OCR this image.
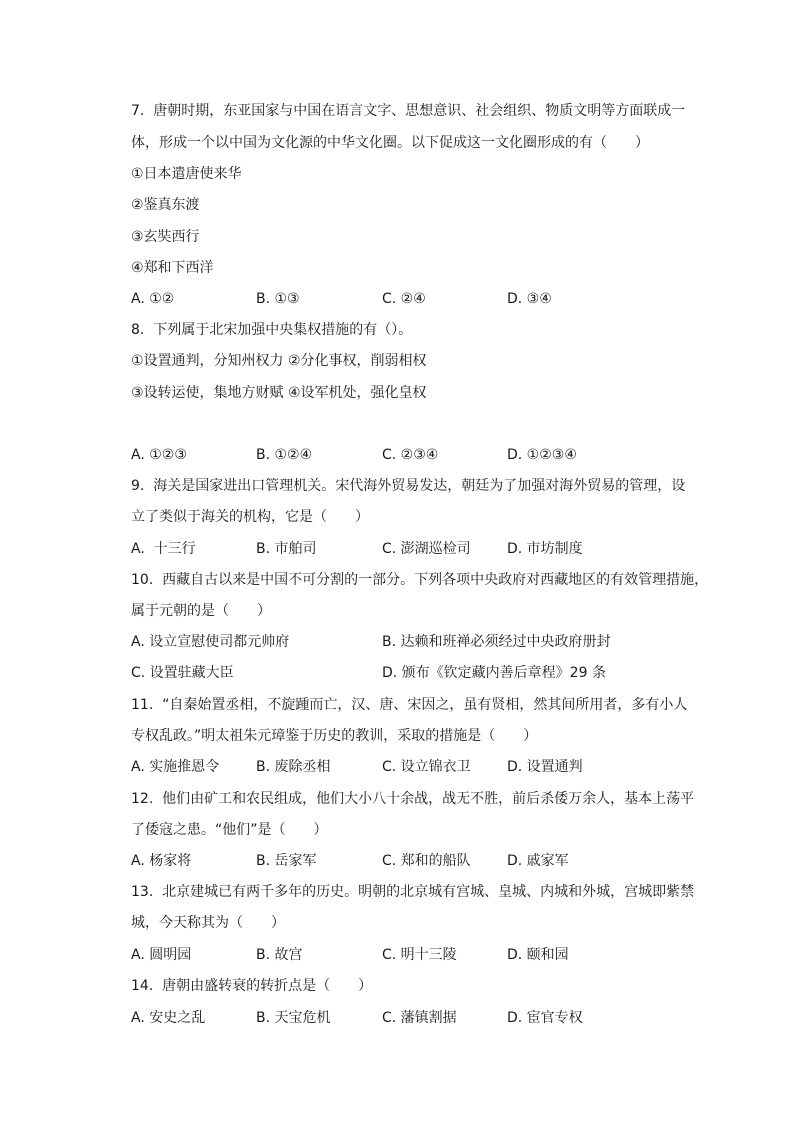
7.  唐朝时期，东亚国家与中国在语言文字、思想意识、社会组织、物质文明等方面联成一
体，形成一个以中国为文化源的中华文化圈。以下促成这一文化圈形成的有（　　）
①日本遣唐使来华
②鉴真东渡
③玄奘西行
④郑和下西洋
A. ①②	B. ①③	C. ②④	D. ③④
8.  下列属于北宋加强中央集权措施的有（）。
①设置通判，分知州权力 ②分化事权，削弱相权
③设转运使，集地方财赋 ④设军机处，强化皇权
A. ①②③	B. ①②④	C. ②③④	D. ①②③④
9.  海关是国家进出口管理机关。宋代海外贸易发达，朝廷为了加强对海外贸易的管理，设
立了类似于海关的机构，它是（　　）
A.  十三行	B. 市舶司	C. 澎湖巡检司	D. 市坊制度
10.  西藏自古以来是中国不可分割的一部分。下列各项中央政府对西藏地区的有效管理措施，
属于元朝的是（　　）
A. 设立宣慰使司都元帅府	B. 达赖和班禅必须经过中央政府册封
C. 设置驻藏大臣	D. 颁布《钦定藏内善后章程》29 条
11.  “自秦始置丞相，不旋踵而亡，汉、唐、宋因之，虽有贤相，然其间所用者，多有小人
专权乱政。”明太祖朱元璋鉴于历史的教训，采取的措施是（　　）
A. 实施推恩令	B. 废除丞相	C. 设立锦衣卫	D. 设置通判
12.  他们由矿工和农民组成，他们大小八十余战，战无不胜，前后杀倭万余人，基本上荡平
了倭寇之患。“他们”是（　　）
A. 杨家将	B. 岳家军	C. 郑和的船队	D. 戚家军
13.  北京建城已有两千多年的历史。明朝的北京城有宫城、皇城、内城和外城，宫城即紫禁
城，今天称其为（　　）
A. 圆明园	B. 故宫	C. 明十三陵	D. 颐和园
14.  唐朝由盛转衰的转折点是（　　）
A. 安史之乱	B. 天宝危机	C. 藩镇割据	D. 宦官专权
